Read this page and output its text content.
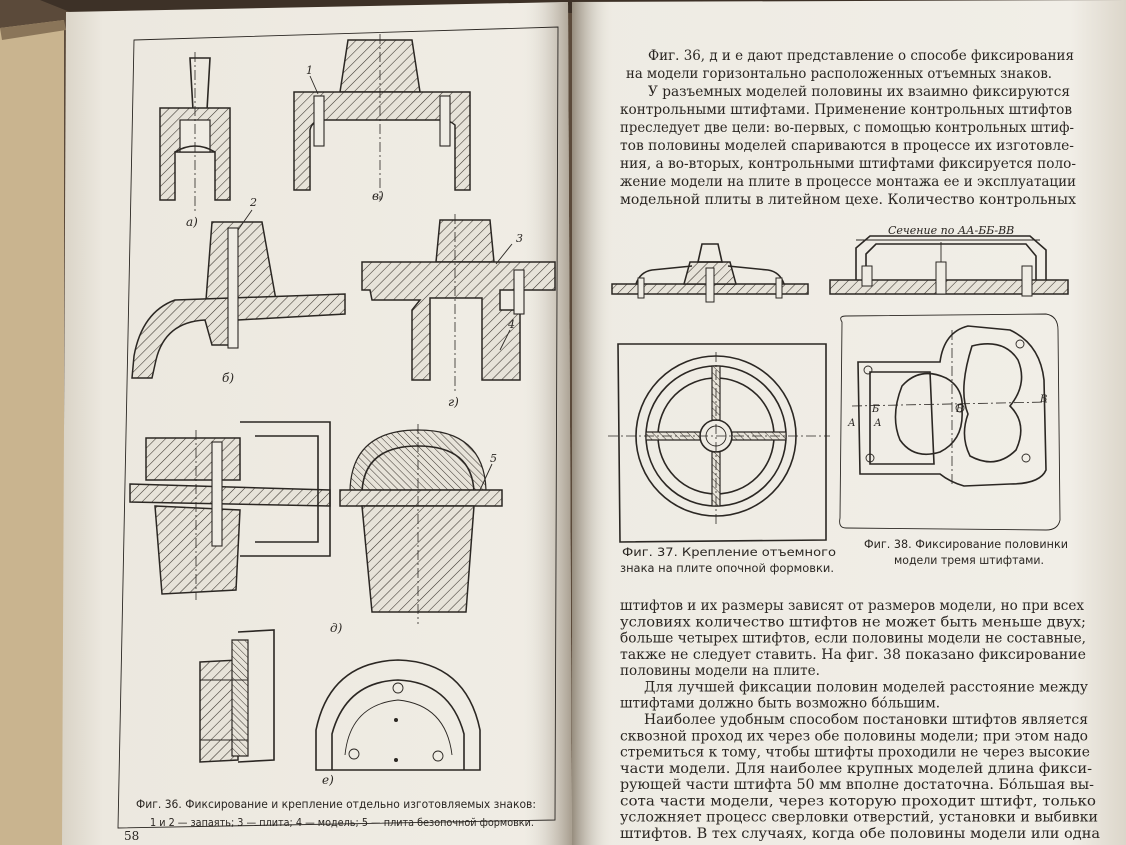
а)
в)
б)
г)
д)
е)
1
2
3
4
5
Фиг. 36. Фиксирование и крепление отдельно изготовляемых знаков:
1 и 2 — запаять; 3 — плита; 4 — модель; 5 — плита безопочной формовки.
58
Фиг. 36, д и е дают представление о способе фиксирования
на модели горизонтально расположенных отъемных знаков.
У разъемных моделей половины их взаимно фиксируются
контрольными штифтами. Применение контрольных штифтов
преследует две цели: во-первых, с помощью контрольных штиф-
тов половины моделей спариваются в процессе их изготовле-
ния, а во-вторых, контрольными штифтами фиксируется поло-
жение модели на плите в процессе монтажа ее и эксплуатации
модельной плиты в литейном цехе. Количество контрольных
Сечение по АА-ББ-ВВ
А А
Б	Б
В
Фиг. 37. Крепление отъемного
знака на плите опочной формовки.
Фиг. 38. Фиксирование половинки
модели тремя штифтами.
штифтов и их размеры зависят от размеров модели, но при всех
условиях количество штифтов не может быть меньше двух;
больше четырех штифтов, если половины модели не составные,
также не следует ставить. На фиг. 38 показано фиксирование
половины модели на плите.
Для лучшей фиксации половин моделей расстояние между
штифтами должно быть возможно бо́льшим.
Наиболее удобным способом постановки штифтов является
сквозной проход их через обе половины модели; при этом надо
стремиться к тому, чтобы штифты проходили не через высокие
части модели. Для наиболее крупных моделей длина фикси-
рующей части штифта 50 мм вполне достаточна. Бо́льшая вы-
сота части модели, через которую проходит штифт, только
усложняет процесс сверловки отверстий, установки и выбивки
штифтов. В тех случаях, когда обе половины модели или одна
